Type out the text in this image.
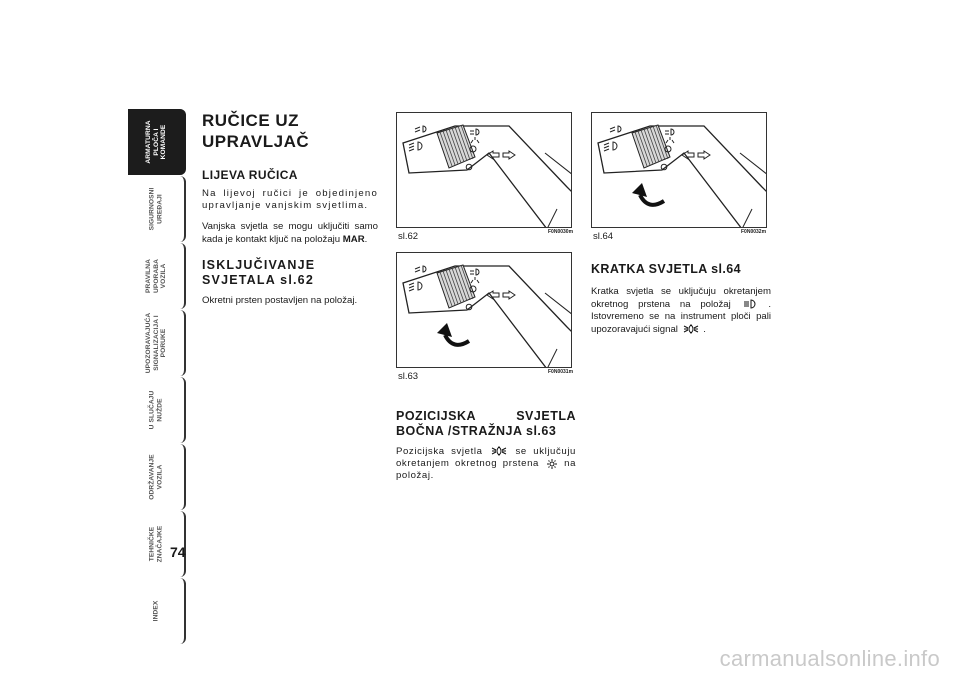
ARMATURNA
PLOČA I
KOMANDE
SIGURNOSNI
UREĐAJI
PRAVILNA
UPORABA
VOZILA
UPOZORAVAJUĆA
SIGNALIZACIJA I
PORUKE
U SLUČAJU
NUŽDE
ODRŽAVANJE
VOZILA
TEHNIČKE
ZNAČAJKE
INDEX
74
RUČICE UZ UPRAVLJAČ
LIJEVA RUČICA
Na lijevoj ručici je objedinjeno upravljanje vanjskim svjetlima.
Vanjska svjetla se mogu uključiti samo kada je kontakt ključ na položaju MAR.
ISKLJUČIVANJE SVJETALA sl.62
Okretni prsten postavljen na položaj.
sl.62	F0N0030m
sl.63	F0N0031m
sl.64	F0N0032m
POZICIJSKA SVJETLA BOČNA /STRAŽNJA sl.63
Pozicijska svjetla	se uključuju okretanjem okretnog prstena	na položaj.
KRATKA SVJETLA sl.64
Kratka svjetla se uključuju okretanjem okretnog prstena na položaj	. Istovremeno se na instrument ploči pali upozoravajući signal	.
carmanualsonline.info
